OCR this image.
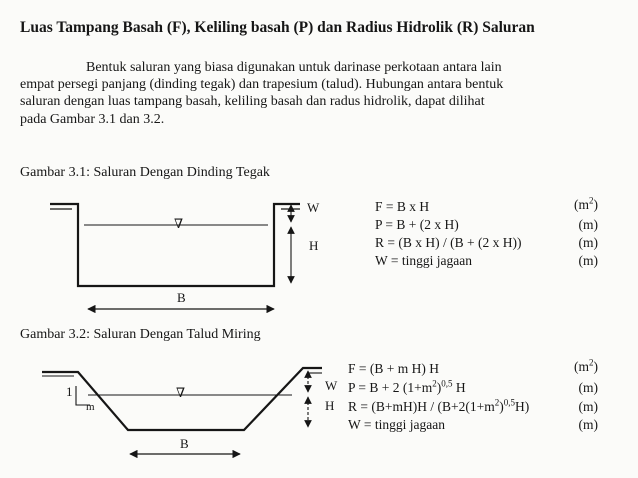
Luas Tampang Basah (F), Keliling basah (P) dan Radius Hidrolik (R) Saluran
Bentuk saluran yang biasa digunakan untuk darinase perkotaan antara lain
empat persegi panjang (dinding tegak) dan trapesium (talud). Hubungan antara bentuk
saluran dengan luas tampang basah, keliling basah dan radus hidrolik, dapat dilihat
pada Gambar 3.1 dan 3.2.
Gambar 3.1: Saluran Dengan Dinding Tegak
Gambar 3.2: Saluran Dengan Talud Miring
∇
W
H
B
F = B x H	$(m^2)$
P = B + (2 x H)	(m)
R = (B x H) / (B + (2 x H))	(m)
W = tinggi jagaan	(m)
∇
1
m
W
H
B
F = (B + m H) H	$(m^2)$
P = B + 2 $(1+m^2)^{0,5}$ H	(m)
$R = (B+mH)H / (B+2(1+m^2)^{0,5}H)$	(m)
W = tinggi jagaan	(m)
